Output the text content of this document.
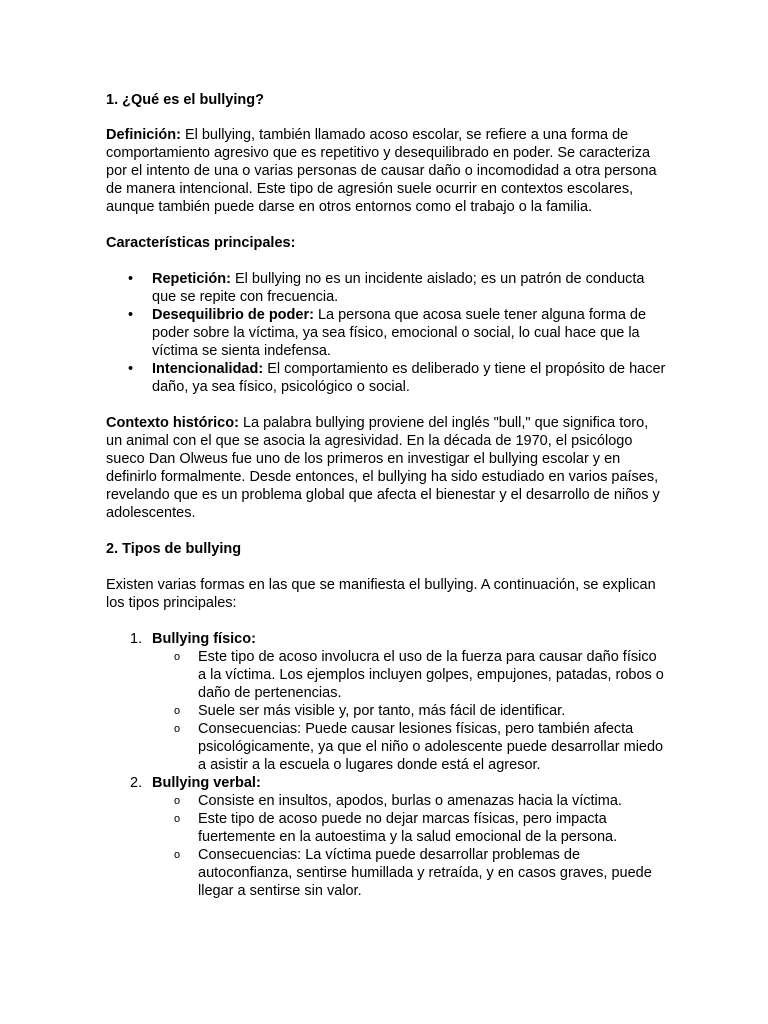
1. ¿Qué es el bullying?

Definición: El bullying, también llamado acoso escolar, se refiere a una forma de comportamiento agresivo que es repetitivo y desequilibrado en poder. Se caracteriza por el intento de una o varias personas de causar daño o incomodidad a otra persona de manera intencional. Este tipo de agresión suele ocurrir en contextos escolares, aunque también puede darse en otros entornos como el trabajo o la familia.

Características principales:

• Repetición: El bullying no es un incidente aislado; es un patrón de conducta que se repite con frecuencia.
• Desequilibrio de poder: La persona que acosa suele tener alguna forma de poder sobre la víctima, ya sea físico, emocional o social, lo cual hace que la víctima se sienta indefensa.
• Intencionalidad: El comportamiento es deliberado y tiene el propósito de hacer daño, ya sea físico, psicológico o social.

Contexto histórico: La palabra bullying proviene del inglés "bull," que significa toro, un animal con el que se asocia la agresividad. En la década de 1970, el psicólogo sueco Dan Olweus fue uno de los primeros en investigar el bullying escolar y en definirlo formalmente. Desde entonces, el bullying ha sido estudiado en varios países, revelando que es un problema global que afecta el bienestar y el desarrollo de niños y adolescentes.

2. Tipos de bullying

Existen varias formas en las que se manifiesta el bullying. A continuación, se explican los tipos principales:

1. Bullying físico:
o Este tipo de acoso involucra el uso de la fuerza para causar daño físico a la víctima. Los ejemplos incluyen golpes, empujones, patadas, robos o daño de pertenencias.
o Suele ser más visible y, por tanto, más fácil de identificar.
o Consecuencias: Puede causar lesiones físicas, pero también afecta psicológicamente, ya que el niño o adolescente puede desarrollar miedo a asistir a la escuela o lugares donde está el agresor.
2. Bullying verbal:
o Consiste en insultos, apodos, burlas o amenazas hacia la víctima.
o Este tipo de acoso puede no dejar marcas físicas, pero impacta fuertemente en la autoestima y la salud emocional de la persona.
o Consecuencias: La víctima puede desarrollar problemas de autoconfianza, sentirse humillada y retraída, y en casos graves, puede llegar a sentirse sin valor.
